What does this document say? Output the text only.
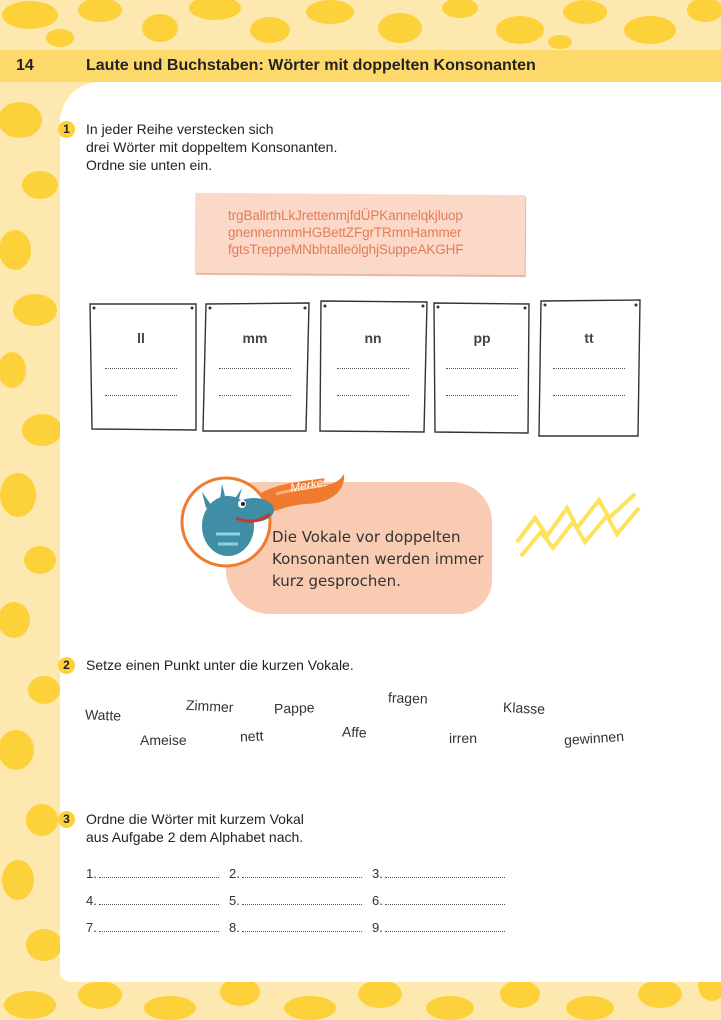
14	Laute und Buchstaben: Wörter mit doppelten Konsonanten
1	In jeder Reihe verstecken sich
drei Wörter mit doppeltem Konsonanten.
Ordne sie unten ein.
trgBallrthLkJrettenmjfdÜPKannelqkjluop
gnennenmmHGBettZFgrTRmnHammer
fgtsTreppeMNbhtalleölghjSuppeAKGHF
ll	mm	nn	pp	tt
Merke!
Die Vokale vor doppelten
Konsonanten werden immer
kurz gesprochen.
2	Setze einen Punkt unter die kurzen Vokale.
Watte	Zimmer	Pappe
fragen
Klasse
Ameise	nett	Affe	irren	gewinnen
3	Ordne die Wörter mit kurzem Vokal
aus Aufgabe 2 dem Alphabet nach.
1.	2.	3.
4.	5.	6.
7.	8.	9.
